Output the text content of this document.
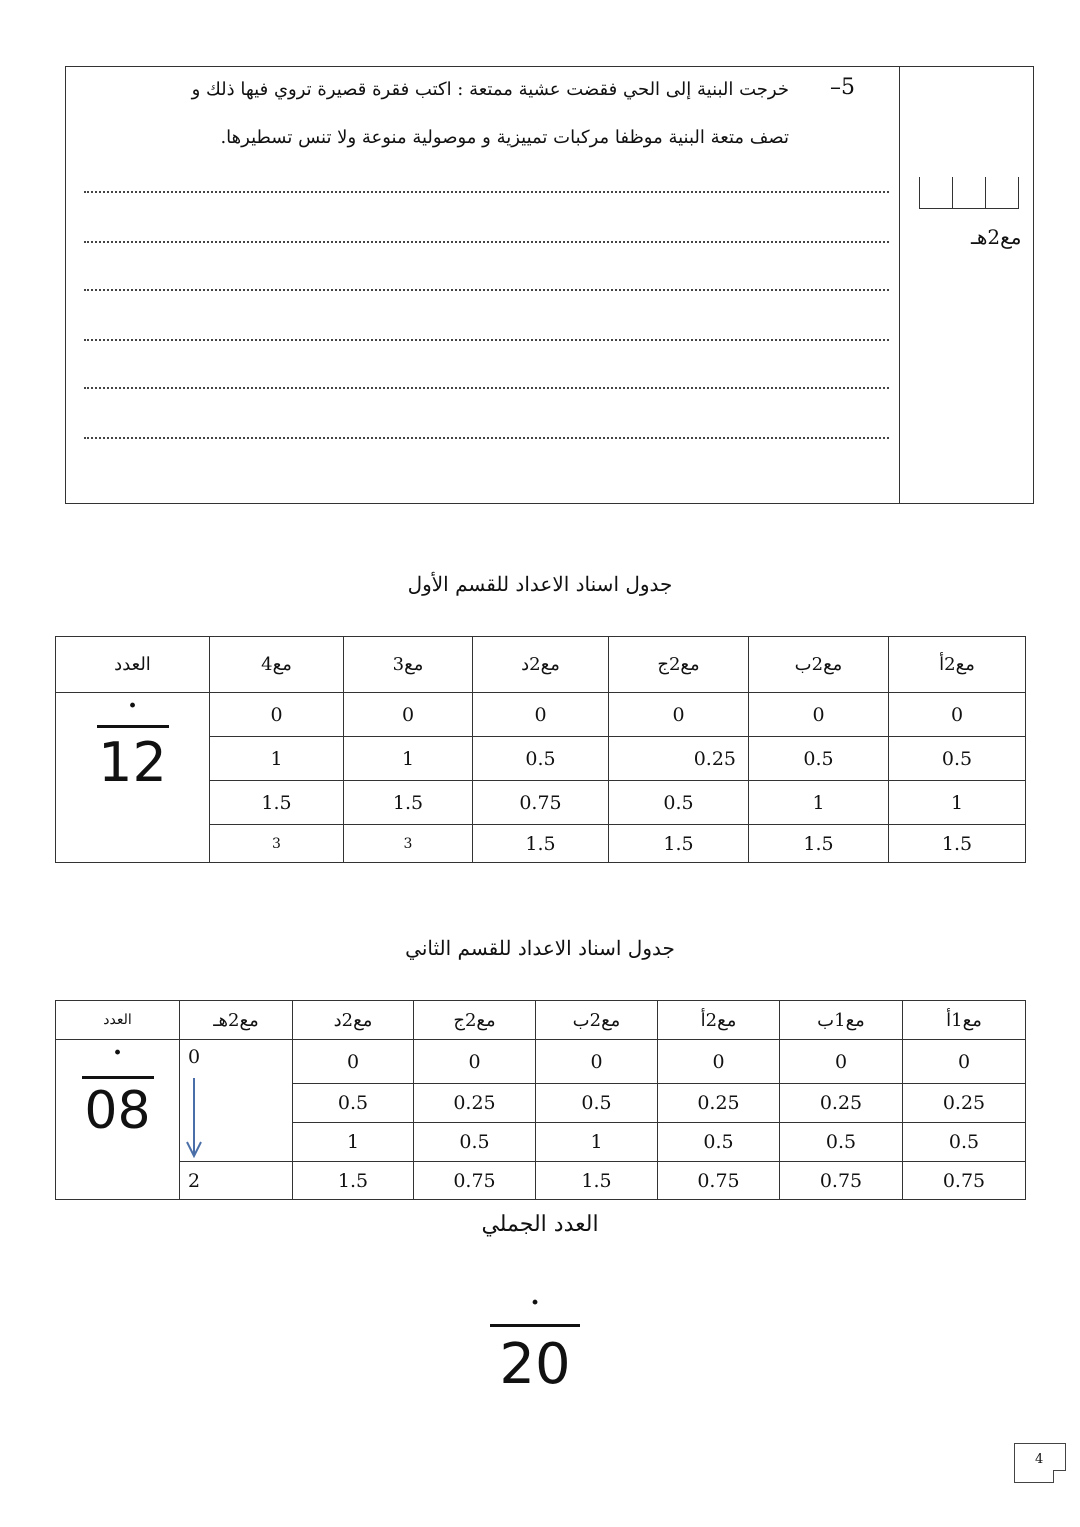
–5
خرجت البنية إلى الحي فقضت عشية ممتعة : اكتب فقرة قصيرة تروي فيها ذلك و
تصف متعة البنية موظفا مركبات تمييزية و موصولية منوعة ولا تنس تسطيرها.
مع2هـ
جدول اسناد الاعداد للقسم الأول
العدد	مع4	مع3	مع2د	مع2ج	مع2ب	مع2أ

·
12	0	0	0	0	0	0
	1	1	0.5	0.25	0.5	0.5
	1.5	1.5	0.75	0.5	1	1
	3	3	1.5	1.5	1.5	1.5
جدول اسناد الاعداد للقسم الثاني
العدد	مع2هـ	مع2د	مع2ج	مع2ب	مع2أ	مع1ب	مع1أ

·
08	0	0	0	0	0	0	0
		0.5	0.25	0.5	0.25	0.25	0.25
		1	0.5	1	0.5	0.5	0.5
	2	1.5	0.75	1.5	0.75	0.75	0.75
العدد الجملي
·
20
4
